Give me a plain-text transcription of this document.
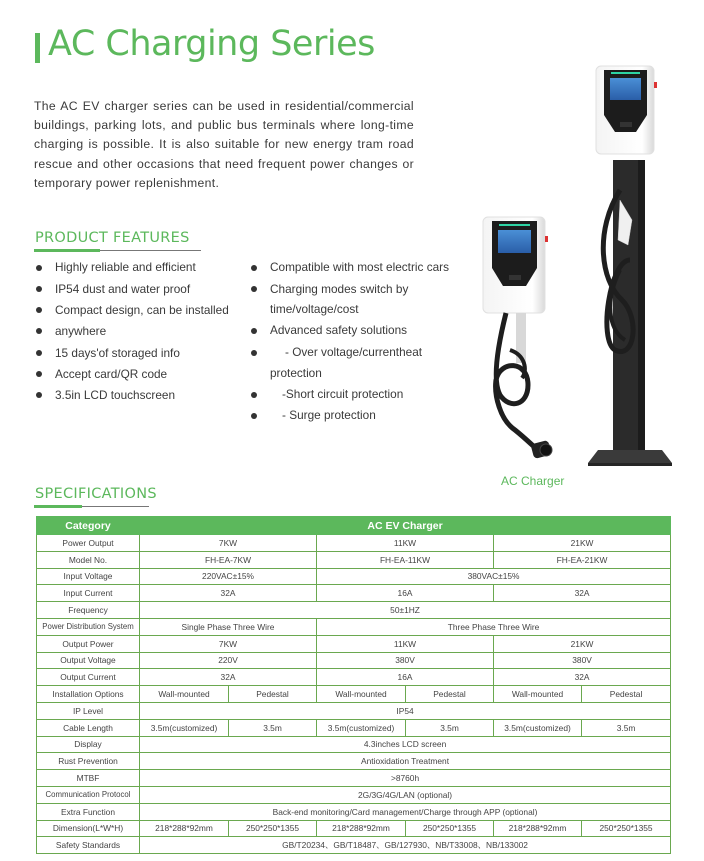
AC Charging Series
The AC EV charger series can be used in residential/commercial buildings, parking lots, and public bus terminals where long-time charging is possible. It is also suitable for new energy tram road rescue and other occasions that need frequent power changes or temporary power replenishment.
PRODUCT FEATURES
Highly reliable and efficient
IP54 dust and water proof
Compact design, can be installed
anywhere
15 days'of storaged info
Accept card/QR code
3.5in LCD touchscreen
Compatible with most electric cars
Charging modes switch by
time/voltage/cost
Advanced safety solutions
- Over voltage/currentheat
protection
-Short circuit protection
- Surge protection
AC Charger
SPECIFICATIONS
Category	AC EV Charger					
Power Output	7KW		11KW		21KW	
Model No.	FH-EA-7KW		FH-EA-11KW		FH-EA-21KW	
Input Voltage	220VAC±15%		380VAC±15%			
Input Current	32A		16A		32A	
Frequency	50±1HZ					
Power Distribution System	Single Phase Three Wire		Three Phase Three Wire			
Output Power	7KW		11KW		21KW	
Output Voltage	220V		380V		380V	
Output Current	32A		16A		32A	
Installation Options	Wall-mounted	Pedestal	Wall-mounted	Pedestal	Wall-mounted	Pedestal
IP Level	IP54					
Cable Length	3.5m(customized)	3.5m	3.5m(customized)	3.5m	3.5m(customized)	3.5m
Display	4.3inches LCD screen					
Rust Prevention	Antioxidation Treatment					
MTBF	>8760h					
Communication Protocol	2G/3G/4G/LAN (optional)					
Extra Function	Back-end monitoring/Card management/Charge through APP (optional)					
Dimension(L*W*H)	218*288*92mm	250*250*1355	218*288*92mm	250*250*1355	218*288*92mm	250*250*1355
Safety Standards	GB/T20234、GB/T18487、GB/127930、NB/T33008、NB/133002					
